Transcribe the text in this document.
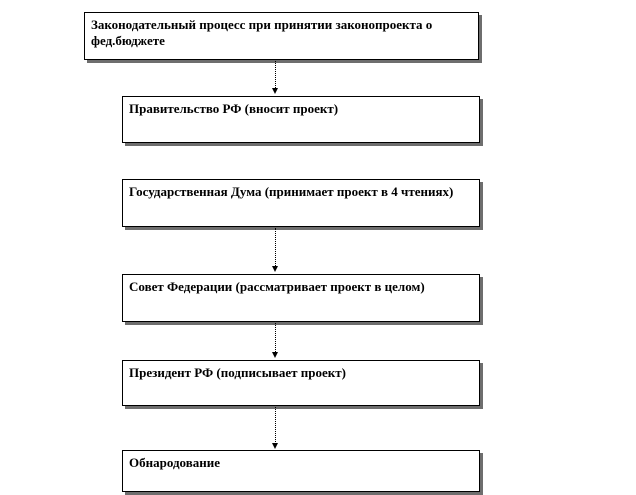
Законодательный процесс при принятии законопроекта о фед.бюджете
Правительство РФ (вносит проект)
Государственная Дума (принимает проект в 4 чтениях)
Совет Федерации (рассматривает проект в целом)
Президент РФ (подписывает проект)
Обнародование
